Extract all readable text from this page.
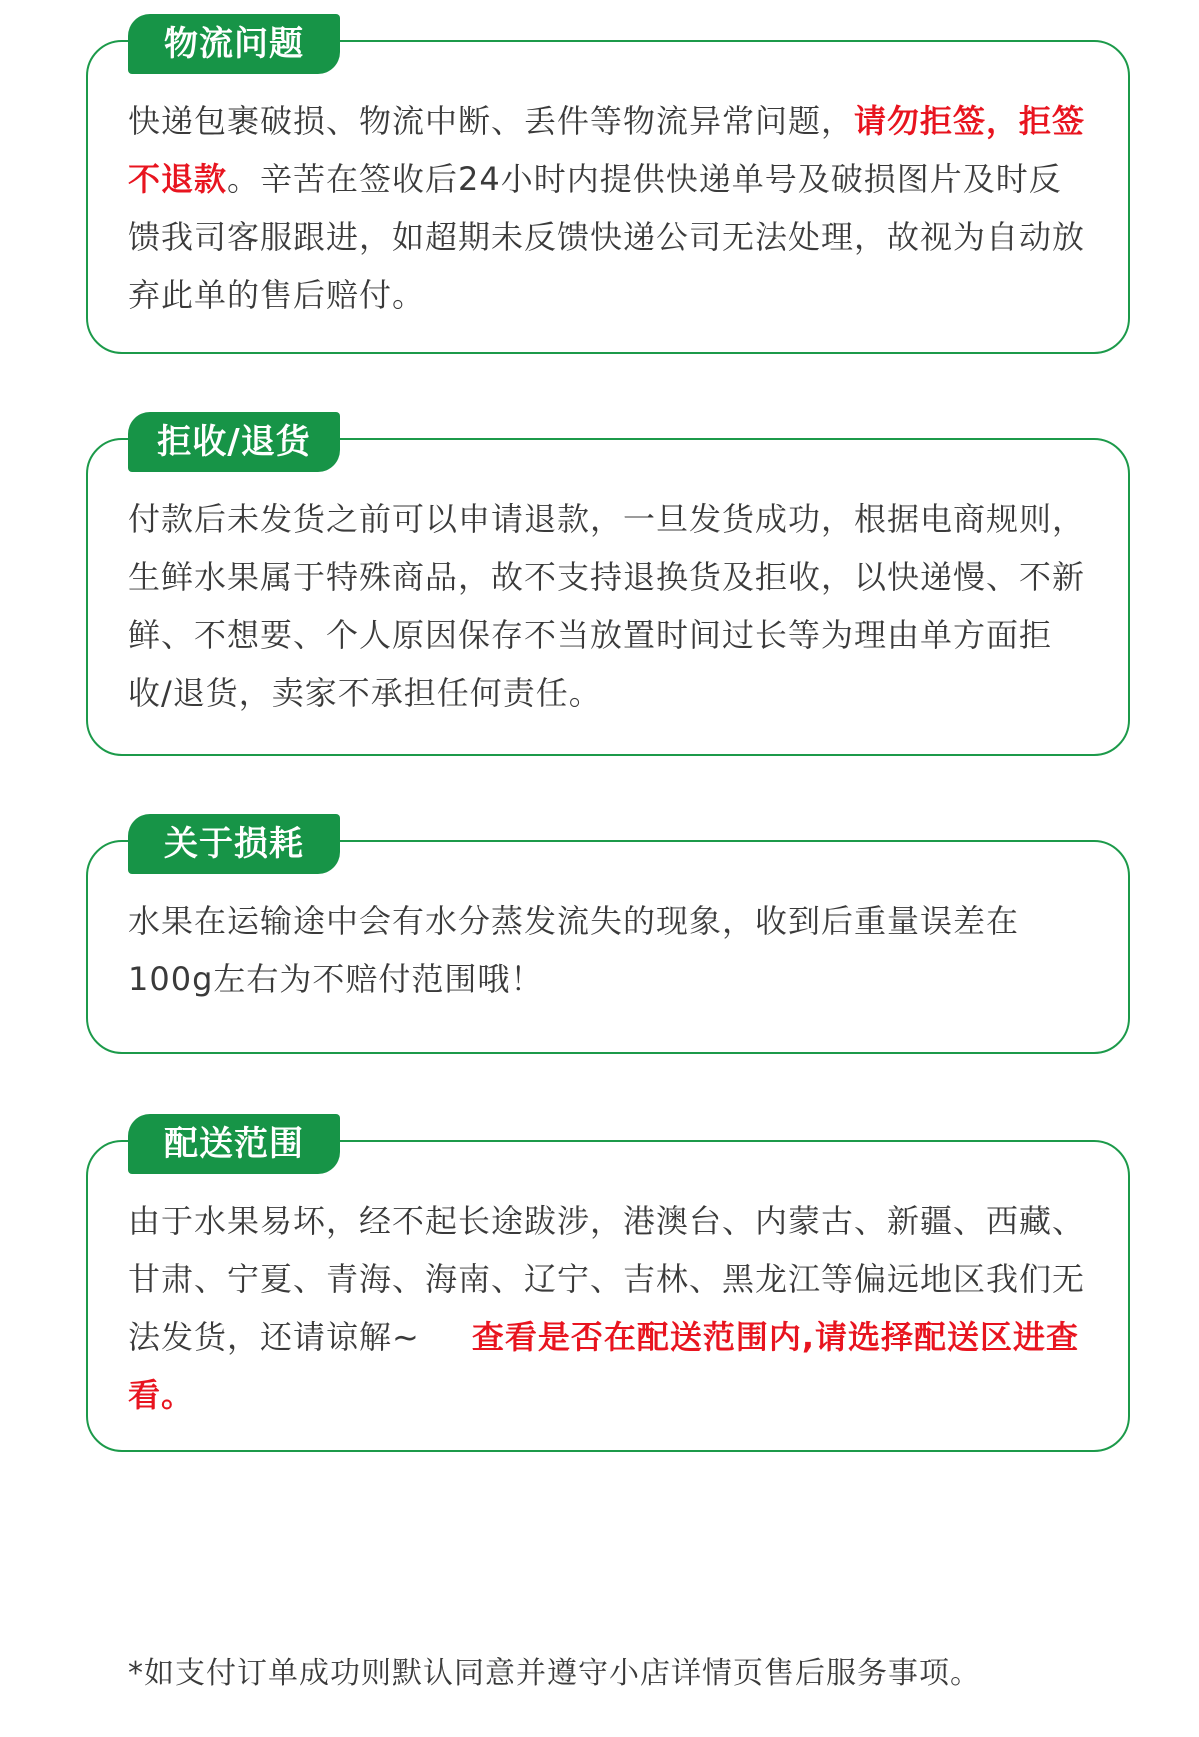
物流问题

快递包裹破损、物流中断、丢件等物流异常问题，请勿拒签，拒签不退款。辛苦在签收后24小时内提供快递单号及破损图片及时反馈我司客服跟进，如超期未反馈快递公司无法处理，故视为自动放弃此单的售后赔付。

拒收/退货

付款后未发货之前可以申请退款，一旦发货成功，根据电商规则，生鲜水果属于特殊商品，故不支持退换货及拒收，以快递慢、不新鲜、不想要、个人原因保存不当放置时间过长等为理由单方面拒收/退货，卖家不承担任何责任。

关于损耗

水果在运输途中会有水分蒸发流失的现象，收到后重量误差在100g左右为不赔付范围哦！

配送范围

由于水果易坏，经不起长途跋涉，港澳台、内蒙古、新疆、西藏、甘肃、宁夏、青海、海南、辽宁、吉林、黑龙江等偏远地区我们无法发货，还请谅解~ 查看是否在配送范围内,请选择配送区进查看。

*如支付订单成功则默认同意并遵守小店详情页售后服务事项。
